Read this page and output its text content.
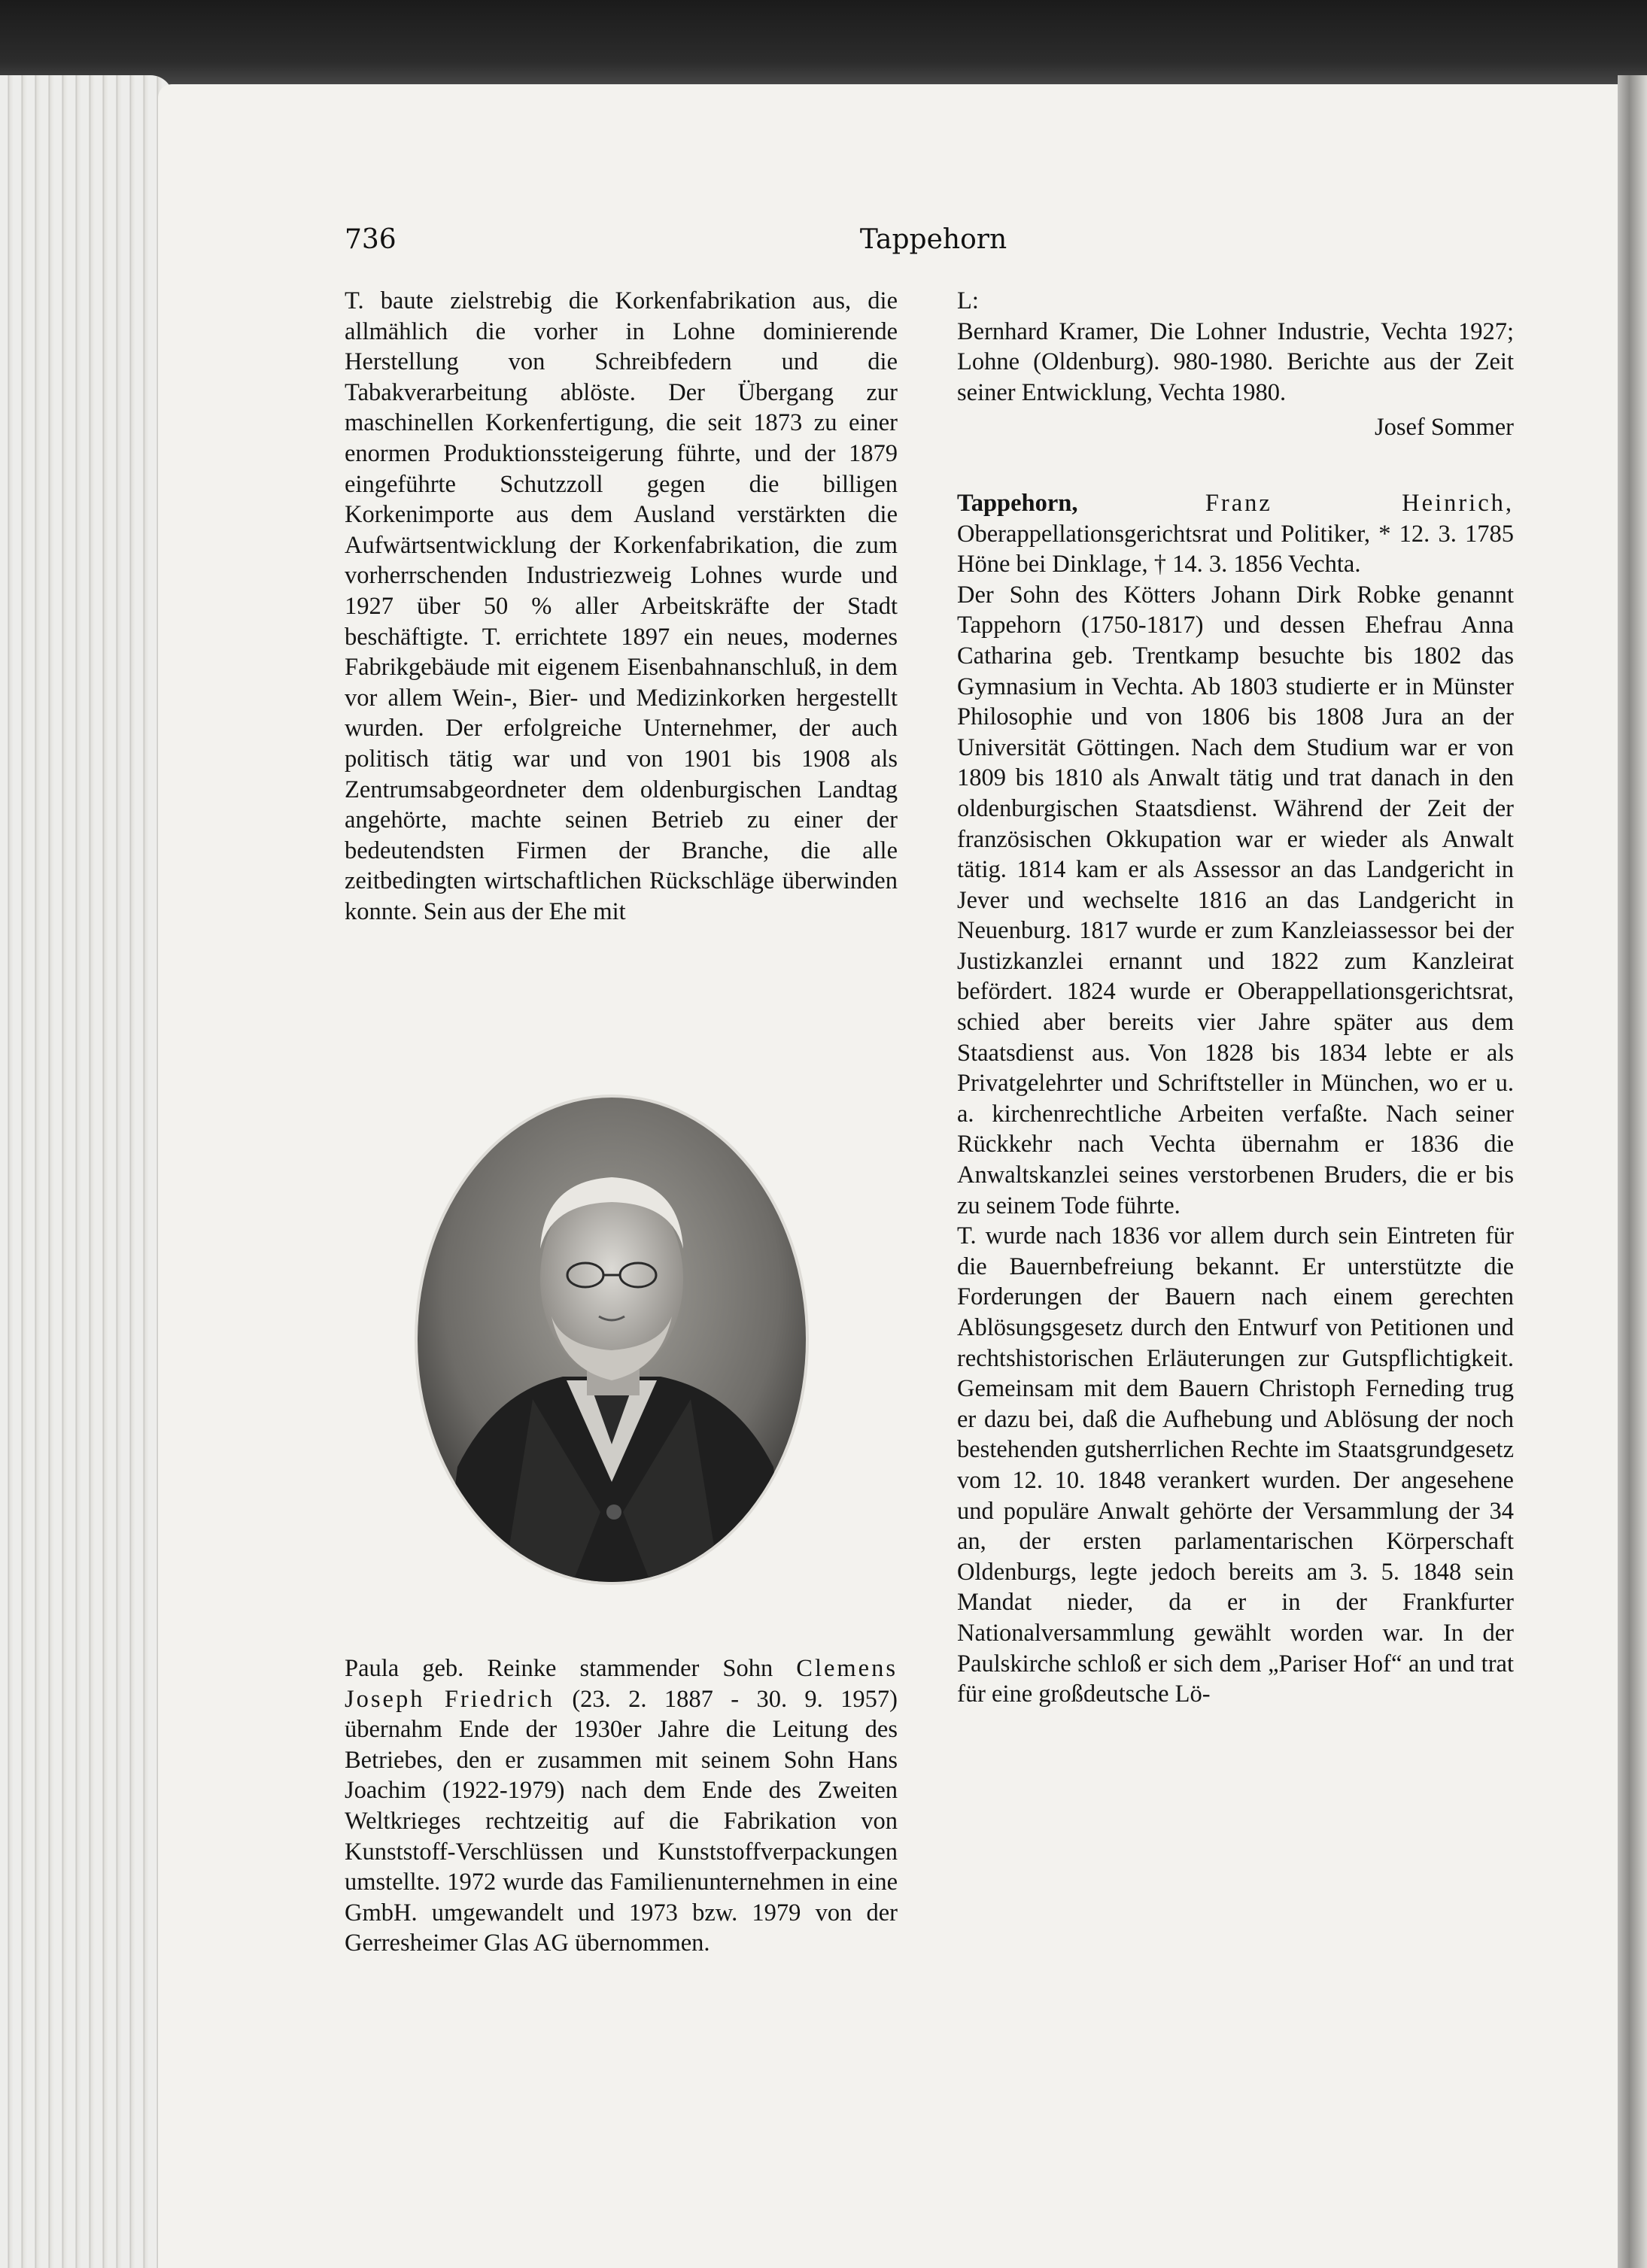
736	Tappehorn

T. baute zielstrebig die Korkenfabrikation aus, die allmählich die vorher in Lohne dominierende Herstellung von Schreibfedern und die Tabakverarbeitung ablöste. Der Übergang zur maschinellen Korkenfertigung, die seit 1873 zu einer enormen Produktionssteigerung führte, und der 1879 eingeführte Schutzzoll gegen die billigen Korkenimporte aus dem Ausland verstärkten die Aufwärtsentwicklung der Korkenfabrikation, die zum vorherrschenden Industriezweig Lohnes wurde und 1927 über 50 % aller Arbeitskräfte der Stadt beschäftigte. T. errichtete 1897 ein neues, modernes Fabrikgebäude mit eigenem Eisenbahnanschluß, in dem vor allem Wein-, Bier- und Medizinkorken hergestellt wurden. Der erfolgreiche Unternehmer, der auch politisch tätig war und von 1901 bis 1908 als Zentrumsabgeordneter dem oldenburgischen Landtag angehörte, machte seinen Betrieb zu einer der bedeutendsten Firmen der Branche, die alle zeitbedingten wirtschaftlichen Rückschläge überwinden konnte. Sein aus der Ehe mit

Paula geb. Reinke stammender Sohn Clemens Joseph Friedrich (23. 2. 1887 - 30. 9. 1957) übernahm Ende der 1930er Jahre die Leitung des Betriebes, den er zusammen mit seinem Sohn Hans Joachim (1922-1979) nach dem Ende des Zweiten Weltkrieges rechtzeitig auf die Fabrikation von Kunststoff-Verschlüssen und Kunststoffverpackungen umstellte. 1972 wurde das Familienunternehmen in eine GmbH. umgewandelt und 1973 bzw. 1979 von der Gerresheimer Glas AG übernommen.

L:

Bernhard Kramer, Die Lohner Industrie, Vechta 1927; Lohne (Oldenburg). 980-1980. Berichte aus der Zeit seiner Entwicklung, Vechta 1980.

Josef Sommer

Tappehorn,	Franz Heinrich, Oberappellationsgerichtsrat und Politiker, * 12. 3. 1785 Höne bei Dinklage, † 14. 3. 1856 Vechta.

Der Sohn des Kötters Johann Dirk Robke genannt Tappehorn (1750-1817) und dessen Ehefrau Anna Catharina geb. Trentkamp besuchte bis 1802 das Gymnasium in Vechta. Ab 1803 studierte er in Münster Philosophie und von 1806 bis 1808 Jura an der Universität Göttingen. Nach dem Studium war er von 1809 bis 1810 als Anwalt tätig und trat danach in den oldenburgischen Staatsdienst. Während der Zeit der französischen Okkupation war er wieder als Anwalt tätig. 1814 kam er als Assessor an das Landgericht in Jever und wechselte 1816 an das Landgericht in Neuenburg. 1817 wurde er zum Kanzleiassessor bei der Justizkanzlei ernannt und 1822 zum Kanzleirat befördert. 1824 wurde er Oberappellationsgerichtsrat, schied aber bereits vier Jahre später aus dem Staatsdienst aus. Von 1828 bis 1834 lebte er als Privatgelehrter und Schriftsteller in München, wo er u. a. kirchenrechtliche Arbeiten verfaßte. Nach seiner Rückkehr nach Vechta übernahm er 1836 die Anwaltskanzlei seines verstorbenen Bruders, die er bis zu seinem Tode führte.

T. wurde nach 1836 vor allem durch sein Eintreten für die Bauernbefreiung bekannt. Er unterstützte die Forderungen der Bauern nach einem gerechten Ablösungsgesetz durch den Entwurf von Petitionen und rechtshistorischen Erläuterungen zur Gutspflichtigkeit. Gemeinsam mit dem Bauern Christoph Ferneding trug er dazu bei, daß die Aufhebung und Ablösung der noch bestehenden gutsherrlichen Rechte im Staatsgrundgesetz vom 12. 10. 1848 verankert wurden. Der angesehene und populäre Anwalt gehörte der Versammlung der 34 an, der ersten parlamentarischen Körperschaft Oldenburgs, legte jedoch bereits am 3. 5. 1848 sein Mandat nieder, da er in der Frankfurter Nationalversammlung gewählt worden war. In der Paulskirche schloß er sich dem „Pariser Hof“ an und trat für eine großdeutsche Lö-
